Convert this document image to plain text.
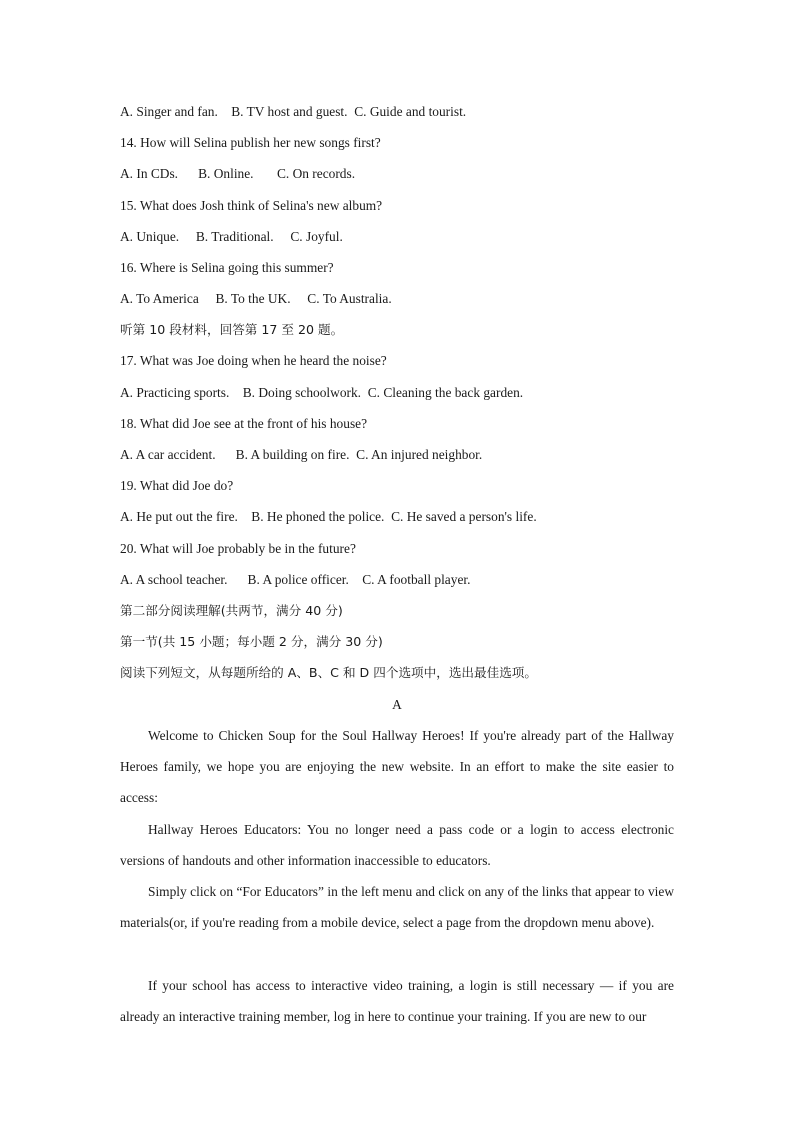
A. Singer and fan.    B. TV host and guest.  C. Guide and tourist.
14. How will Selina publish her new songs first?
A. In CDs.      B. Online.       C. On records.
15. What does Josh think of Selina's new album?
A. Unique.     B. Traditional.     C. Joyful.
16. Where is Selina going this summer?
A. To America     B. To the UK.     C. To Australia.
听第 10 段材料，回答第 17 至 20 题。
17. What was Joe doing when he heard the noise?
A. Practicing sports.    B. Doing schoolwork.  C. Cleaning the back garden.
18. What did Joe see at the front of his house?
A. A car accident.      B. A building on fire.  C. An injured neighbor.
19. What did Joe do?
A. He put out the fire.    B. He phoned the police.  C. He saved a person's life.
20. What will Joe probably be in the future?
A. A school teacher.      B. A police officer.    C. A football player.
第二部分阅读理解(共两节，满分 40 分)
第一节(共 15 小题；每小题 2 分，满分 30 分)
阅读下列短文，从每题所给的 A、B、C 和 D 四个选项中，选出最佳选项。
A
Welcome to Chicken Soup for the Soul Hallway Heroes! If you're already part of the Hallway Heroes family, we hope you are enjoying the new website. In an effort to make the site easier to access:
Hallway Heroes Educators: You no longer need a pass code or a login to access electronic versions of handouts and other information inaccessible to educators.
Simply click on “For Educators” in the left menu and click on any of the links that appear to view materials(or, if you're reading from a mobile device, select a page from the dropdown menu above).
If your school has access to interactive video training, a login is still necessary — if you are already an interactive training member, log in here to continue your training. If you are new to our
